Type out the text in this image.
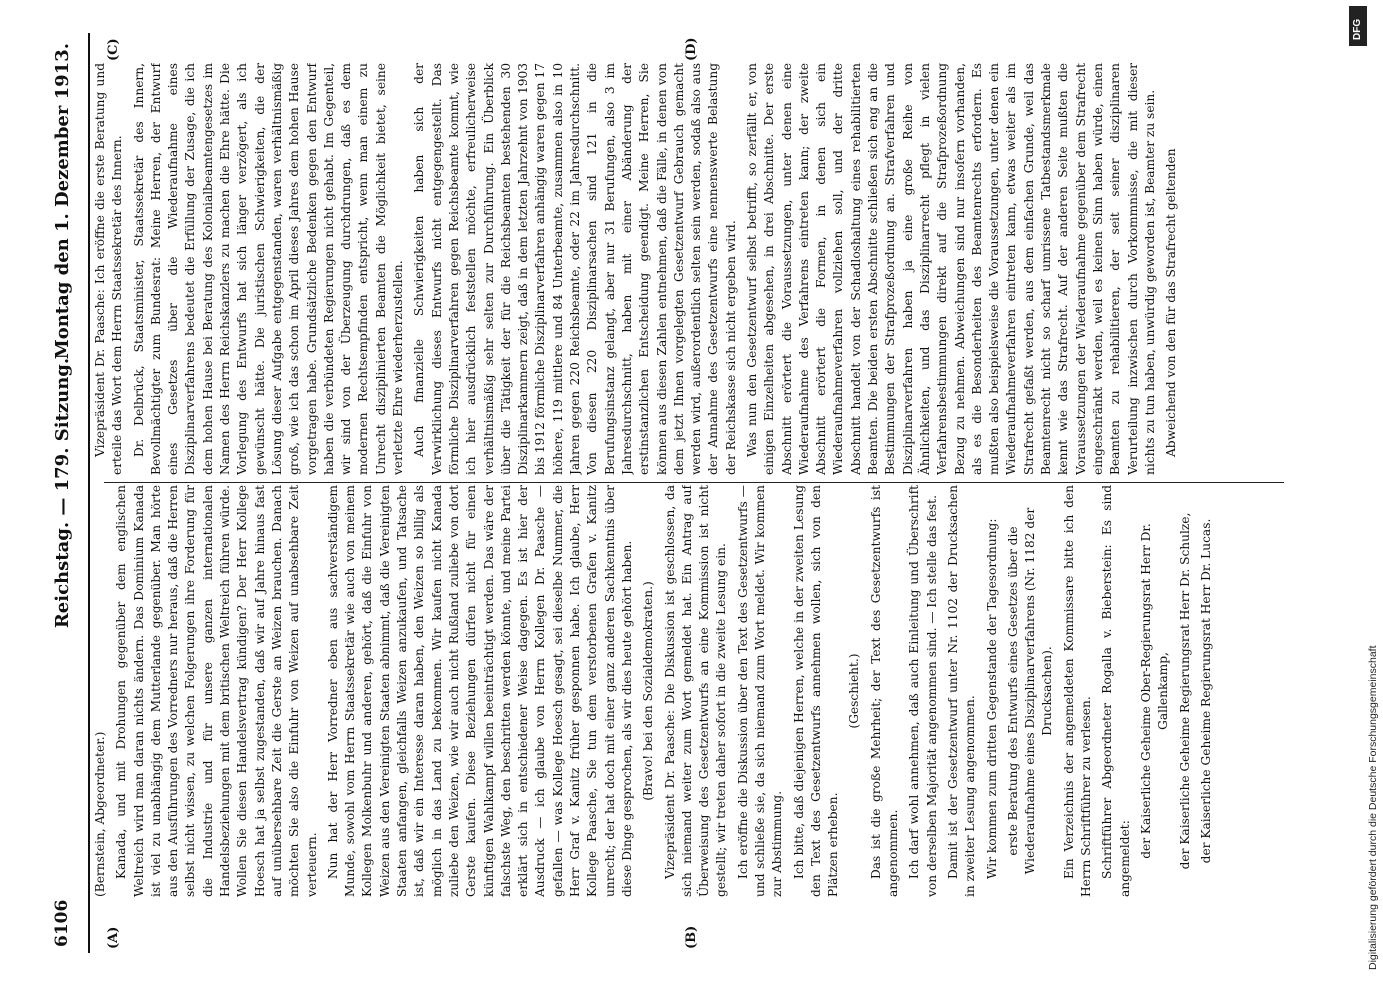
6106
Reichstag. — 179. Sitzung.
Montag den 1. Dezember 1913.
(A)	(B)
(C)	(D)

(Bernstein, Abgeordneter.) Kanada, und mit Drohungen gegenüber dem englischen Weltreich wird man daran nichts ändern. Das Dominium Kanada ist viel zu unabhängig dem Mutterlande gegenüber. Man hörte aus den Ausführungen des Vorredners nur heraus, daß die Herren selbst nicht wissen, zu welchen Folgerungen ihre Forderung für die Industrie und für unsere ganzen internationalen Handelsbeziehungen mit dem britischen Weltreich führen würde. Wollen Sie diesen Handelsvertrag kündigen? Der Herr Kollege Hoesch hat ja selbst zugestanden, daß wir auf Jahre hinaus fast auf unübersehbare Zeit die Gerste an Weizen brauchen. Danach möchten Sie also die Einfuhr von Weizen auf unabsehbare Zeit verteuern. Nun hat der Herr Vorredner eben aus sachverständigem Munde, sowohl vom Herrn Staatssekretär wie auch von meinem Kollegen Molkenbuhr und anderen, gehört, daß die Einfuhr von Weizen aus den Vereinigten Staaten abnimmt, daß die Vereinigten Staaten anfangen, gleichfalls Weizen anzukaufen, und Tatsache ist, daß wir ein Interesse daran haben, den Weizen so billig als möglich in das Land zu bekommen. Wir kaufen nicht Kanada zuliebe den Weizen, wie wir auch nicht Rußland zuliebe von dort Gerste kaufen. Diese Beziehungen dürfen nicht für einen künftigen Wahlkampf willen beeinträchtigt werden. Das wäre der falschste Weg, den beschritten werden könnte, und meine Partei erklärt sich in entschiedener Weise dagegen. Es ist hier der Ausdruck — ich glaube von Herrn Kollegen Dr. Paasche — gefallen — was Kollege Hoesch gesagt, sei dieselbe Nummer, die Herr Graf v. Kanitz früher gesponnen habe. Ich glaube, Herr Kollege Paasche, Sie tun dem verstorbenen Grafen v. Kanitz unrecht; der hat doch mit einer ganz anderen Sachkenntnis über diese Dinge gesprochen, als wir dies heute gehört haben. (Bravo! bei den Sozialdemokraten.) Vizepräsident Dr. Paasche: Die Diskussion ist geschlossen, da sich niemand weiter zum Wort gemeldet hat. Ein Antrag auf Überweisung des Gesetzentwurfs an eine Kommission ist nicht gestellt; wir treten daher sofort in die zweite Lesung ein. Ich eröffne die Diskussion über den Text des Gesetzentwurfs — und schließe sie, da sich niemand zum Wort meldet. Wir kommen zur Abstimmung. Ich bitte, daß diejenigen Herren, welche in der zweiten Lesung den Text des Gesetzentwurfs annehmen wollen, sich von den Plätzen erheben.

(Geschieht.) Das ist die große Mehrheit; der Text des Gesetzentwurfs ist angenommen. Ich darf wohl annehmen, daß auch Einleitung und Überschrift von derselben Majorität angenommen sind. — Ich stelle das fest. Damit ist der Gesetzentwurf unter Nr. 1102 der Drucksachen in zweiter Lesung angenommen. Wir kommen zum dritten Gegenstande der Tagesordnung: erste Beratung des Entwurfs eines Gesetzes über die Wiederaufnahme eines Disziplinarverfahrens (Nr. 1182 der Drucksachen). Ein Verzeichnis der angemeldeten Kommissare bitte ich den Herrn Schriftführer zu verlesen. Schriftführer Abgeordneter Rogalla v. Bieberstein: Es sind angemeldet: der Kaiserliche Geheime Ober-Regierungsrat Herr Dr. Gallenkamp, der Kaiserliche Geheime Regierungsrat Herr Dr. Schulze, der Kaiserliche Geheime Regierungsrat Herr Dr. Lucas.

Vizepräsident Dr. Paasche: Ich eröffne die erste Beratung und erteile das Wort dem Herrn Staatssekretär des Innern. Dr. Delbrück, Staatsminister, Staatssekretär des Innern, Bevollmächtigter zum Bundesrat: Meine Herren, der Entwurf eines Gesetzes über die Wiederaufnahme eines Disziplinarverfahrens bedeutet die Erfüllung der Zusage, die ich dem hohen Hause bei Beratung des Kolonialbeamtengesetzes im Namen des Herrn Reichskanzlers zu machen die Ehre hätte. Die Vorlegung des Entwurfs hat sich länger verzögert, als ich gewünscht hätte. Die juristischen Schwierigkeiten, die der Lösung dieser Aufgabe entgegenstanden, waren verhältnismäßig groß, wie ich das schon im April dieses Jahres dem hohen Hause vorgetragen habe. Grundsätzliche Bedenken gegen den Entwurf haben die verbündeten Regierungen nicht gehabt. Im Gegenteil, wir sind von der Überzeugung durchdrungen, daß es dem modernen Rechtsempfinden entspricht, wenn man einem zu Unrecht disziplinierten Beamten die Möglichkeit bietet, seine verletzte Ehre wiederherzustellen. Auch finanzielle Schwierigkeiten haben sich der Verwirklichung dieses Entwurfs nicht entgegengestellt. Das förmliche Disziplinarverfahren gegen Reichsbeamte kommt, wie ich hier ausdrücklich feststellen möchte, erfreulicherweise verhältnismäßig sehr selten zur Durchführung. Ein Überblick über die Tätigkeit der für die Reichsbeamten bestehenden 30 Disziplinarkammern zeigt, daß in dem letzten Jahrzehnt von 1903 bis 1912 förmliche Disziplinarverfahren anhängig waren gegen 17 höhere, 119 mittlere und 84 Unterbeamte, zusammen also in 10 Jahren gegen 220 Reichsbeamte, oder 22 im Jahresdurchschnitt. Von diesen 220 Disziplinarsachen sind 121 in die Berufungsinstanz gelangt, aber nur 31 Berufungen, also 3 im Jahresdurchschnitt, haben mit einer Abänderung der erstinstanzlichen Entscheidung geendigt. Meine Herren, Sie können aus diesen Zahlen entnehmen, daß die Fälle, in denen von dem jetzt Ihnen vorgelegten Gesetzentwurf Gebrauch gemacht werden wird, außerordentlich selten sein werden, sodaß also aus der Annahme des Gesetzentwurfs eine nennenswerte Belastung der Reichskasse sich nicht ergeben wird. Was nun den Gesetzentwurf selbst betrifft, so zerfällt er, von einigen Einzelheiten abgesehen, in drei Abschnitte. Der erste Abschnitt erörtert die Voraussetzungen, unter denen eine Wiederaufnahme des Verfahrens eintreten kann; der zweite Abschnitt erörtert die Formen, in denen sich ein Wiederaufnahmeverfahren vollziehen soll, und der dritte Abschnitt handelt von der Schadloshaltung eines rehabilitierten Beamten. Die beiden ersten Abschnitte schließen sich eng an die Bestimmungen der Strafprozeßordnung an. Strafverfahren und Disziplinarverfahren haben ja eine große Reihe von Ähnlichkeiten, und das Disziplinarrecht pflegt in vielen Verfahrensbestimmungen direkt auf die Strafprozeßordnung Bezug zu nehmen. Abweichungen sind nur insofern vorhanden, als es die Besonderheiten des Beamtenrechts erfordern. Es mußten also beispielsweise die Voraussetzungen, unter denen ein Wiederaufnahmeverfahren eintreten kann, etwas weiter als im Strafrecht gefaßt werden, aus dem einfachen Grunde, weil das Beamtenrecht nicht so scharf umrissene Tatbestandsmerkmale kennt wie das Strafrecht. Auf der anderen Seite mußten die Voraussetzungen der Wiederaufnahme gegenüber dem Strafrecht eingeschränkt werden, weil es keinen Sinn haben würde, einen Beamten zu rehabilitieren, der seit seiner disziplinaren Verurteilung inzwischen durch Vorkommnisse, die mit dieser nichts zu tun haben, unwürdig geworden ist, Beamter zu sein. Abweichend von den für das Strafrecht geltenden

DFG
Digitalisierung gefördert durch die Deutsche Forschungsgemeinschaft
